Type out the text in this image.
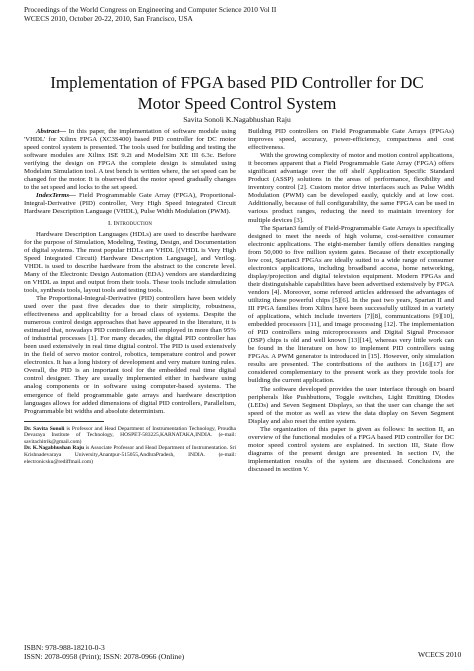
Proceedings of the World Congress on Engineering and Computer Science 2010 Vol II
WCECS 2010, October 20-22, 2010, San Francisco, USA
Implementation of FPGA based PID Controller for DC
Motor Speed Control System
Savita Sonoli K.Nagabhushan Raju

Abstract— In this paper, the implementation of software module using 'VHDL' for Xilinx FPGA (XC3S400) based PID controller for DC motor speed control system is presented. The tools used for building and testing the software modules are Xilinx ISE 9.2i and ModelSim XE III 6.3c. Before verifying the design on FPGA the complete design is simulated using Modelsim Simulation tool. A test bench is written where, the set speed can be changed for the motor. It is observed that the motor speed gradually changes to the set speed and locks to the set speed.

IndexTerms— Field Programmable Gate Array (FPGA), Proportional-Integral-Derivative (PID) controller, Very High Speed Integrated Circuit Hardware Description Language (VHDL), Pulse Width Modulation (PWM).

I. Introduction

Hardware Description Languages (HDLs) are used to describe hardware for the purpose of Simulation, Modeling, Testing, Design, and Documentation of digital systems. The most popular HDLs are VHDL [(VHDL is Very High Speed Integrated Circuit) Hardware Description Language], and Verilog. VHDL is used to describe hardware from the abstract to the concrete level. Many of the Electronic Design Automation (EDA) vendors are standardizing on VHDL as input and output from their tools. These tools include simulation tools, synthesis tools, layout tools and testing tools.

The Proportional-Integral-Derivative (PID) controllers have been widely used over the past five decades due to their simplicity, robustness, effectiveness and applicability for a broad class of systems. Despite the numerous control design approaches that have appeared in the literature, it is estimated that, nowadays PID controllers are still employed in more than 95% of industrial processes [1]. For many decades, the digital PID controller has been used extensively in real time digital control. The PID is used extensively in the field of servo motor control, robotics, temperature control and power electronics. It has a long history of development and very mature tuning rules. Overall, the PID is an important tool for the embedded real time digital control designer. They are usually implemented either in hardware using analog components or in software using computer-based systems. The emergence of field programmable gate arrays and hardware description languages allows for added dimensions of digital PID controllers, Parallelism, Programmable bit widths and absolute determinism.

Dr. Savita Sonoli is Professor and Head Department of Instrumentation Technology, Proudha Devaraya Institute of Technology, HOSPET-583225,KARNATAKA,INDIA. (e-mail: savitachitrik@gmail.com)

Dr. K.Nagabhushan Raju is Associate Professor and Head Department of Instrumentation. Sri Krishnadevaraya University,Anantpur-515055,AndhraPradesh, INDIA. (e-mail: electronicsku@rediffmail.com)

Building PID controllers on Field Programmable Gate Arrays (FPGAs) improves speed, accuracy, power-efficiency, compactness and cost effectiveness.

With the growing complexity of motor and motion control applications, it becomes apparent that a Field Programmable Gate Array (FPGA) offers significant advantage over the off shelf Application Specific Standard Product (ASSP) solutions in the areas of performance, flexibility and inventory control [2]. Custom motor drive interfaces such as Pulse Width Modulation (PWM) can be developed easily, quickly and at low cost. Additionally, because of full configurability, the same FPGA can be used in various product ranges, reducing the need to maintain inventory for multiple devices [3].

The Spartan3 family of Field-Programmable Gate Arrays is specifically designed to meet the needs of high volume, cost-sensitive consumer electronic applications. The eight-member family offers densities ranging from 50,000 to five million system gates. Because of their exceptionally low cost, Spartan3 FPGAs are ideally suited to a wide range of consumer electronics applications, including broadband access, home networking, display/projection and digital television equipment. Modern FPGAs and their distinguishable capabilities have been advertised extensively by FPGA vendors [4]. Moreover, some refereed articles addressed the advantages of utilizing these powerful chips [5][6]. In the past two years, Spartan II and III FPGA families from Xilinx have been successfully utilized in a variety of applications, which include inverters [7][8], communications [9][10], embedded processors [11], and image processing [12]. The implementation of PID controllers using microprocessors and Digital Signal Processor (DSP) chips is old and well known [13][14], whereas very little work can be found in the literature on how to implement PID controllers using FPGAs. A PWM generator is introduced in [15]. However, only simulation results are presented. The contributions of the authors in [16][17] are considered complementary to the present work as they provide tools for building the current application.

The software developed provides the user interface through on board peripherals like Pushbuttons, Toggle switches, Light Emitting Diodes (LEDs) and Seven Segment Displays, so that the user can change the set speed of the motor as well as view the data display on Seven Segment Display and also reset the entire system.

The organization of this paper is given as follows: In section II, an overview of the functional modules of a FPGA based PID controller for DC motor speed control system are explained. In section III, State flow diagrams of the present design are presented. In section IV, the implementation results of the system are discussed. Conclusions are discussed in section V.

ISBN: 978-988-18210-0-3
ISSN: 2078-0958 (Print); ISSN: 2078-0966 (Online)	WCECS 2010
